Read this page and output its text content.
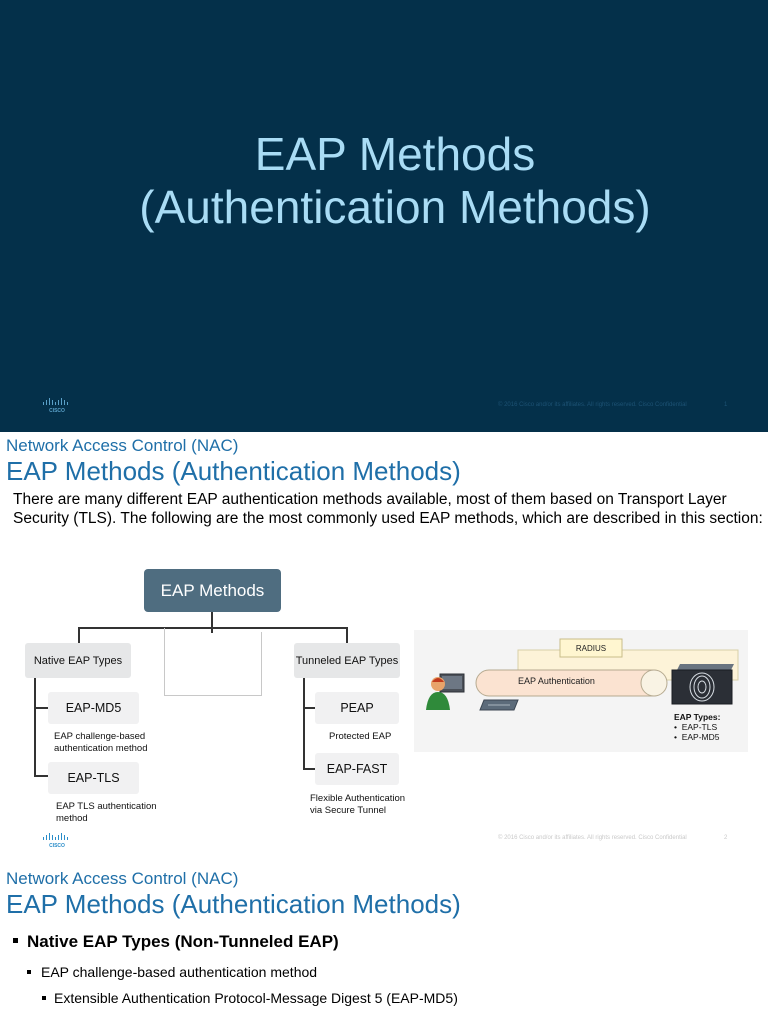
EAP Methods
(Authentication Methods)
CISCO
© 2016 Cisco and/or its affiliates. All rights reserved. Cisco Confidential	1
Network Access Control (NAC)
EAP Methods (Authentication Methods)
There are many different EAP authentication methods available, most of them based on Transport Layer Security (TLS). The following are the most commonly used EAP methods, which are described in this section:
EAP Methods
Native EAP Types	Tunneled EAP Types
EAP-MD5
EAP challenge-based
authentication method
EAP-TLS
EAP TLS authentication
method
PEAP
Protected EAP
EAP-FAST
Flexible Authentication
via Secure Tunnel
RADIUS
EAP Authentication
EAP Types:
•  EAP-TLS
•  EAP-MD5
CISCO
© 2016 Cisco and/or its affiliates. All rights reserved. Cisco Confidential	2
Network Access Control (NAC)
EAP Methods (Authentication Methods)
Native EAP Types (Non-Tunneled EAP)
EAP challenge-based authentication method
Extensible Authentication Protocol-Message Digest 5 (EAP-MD5)
